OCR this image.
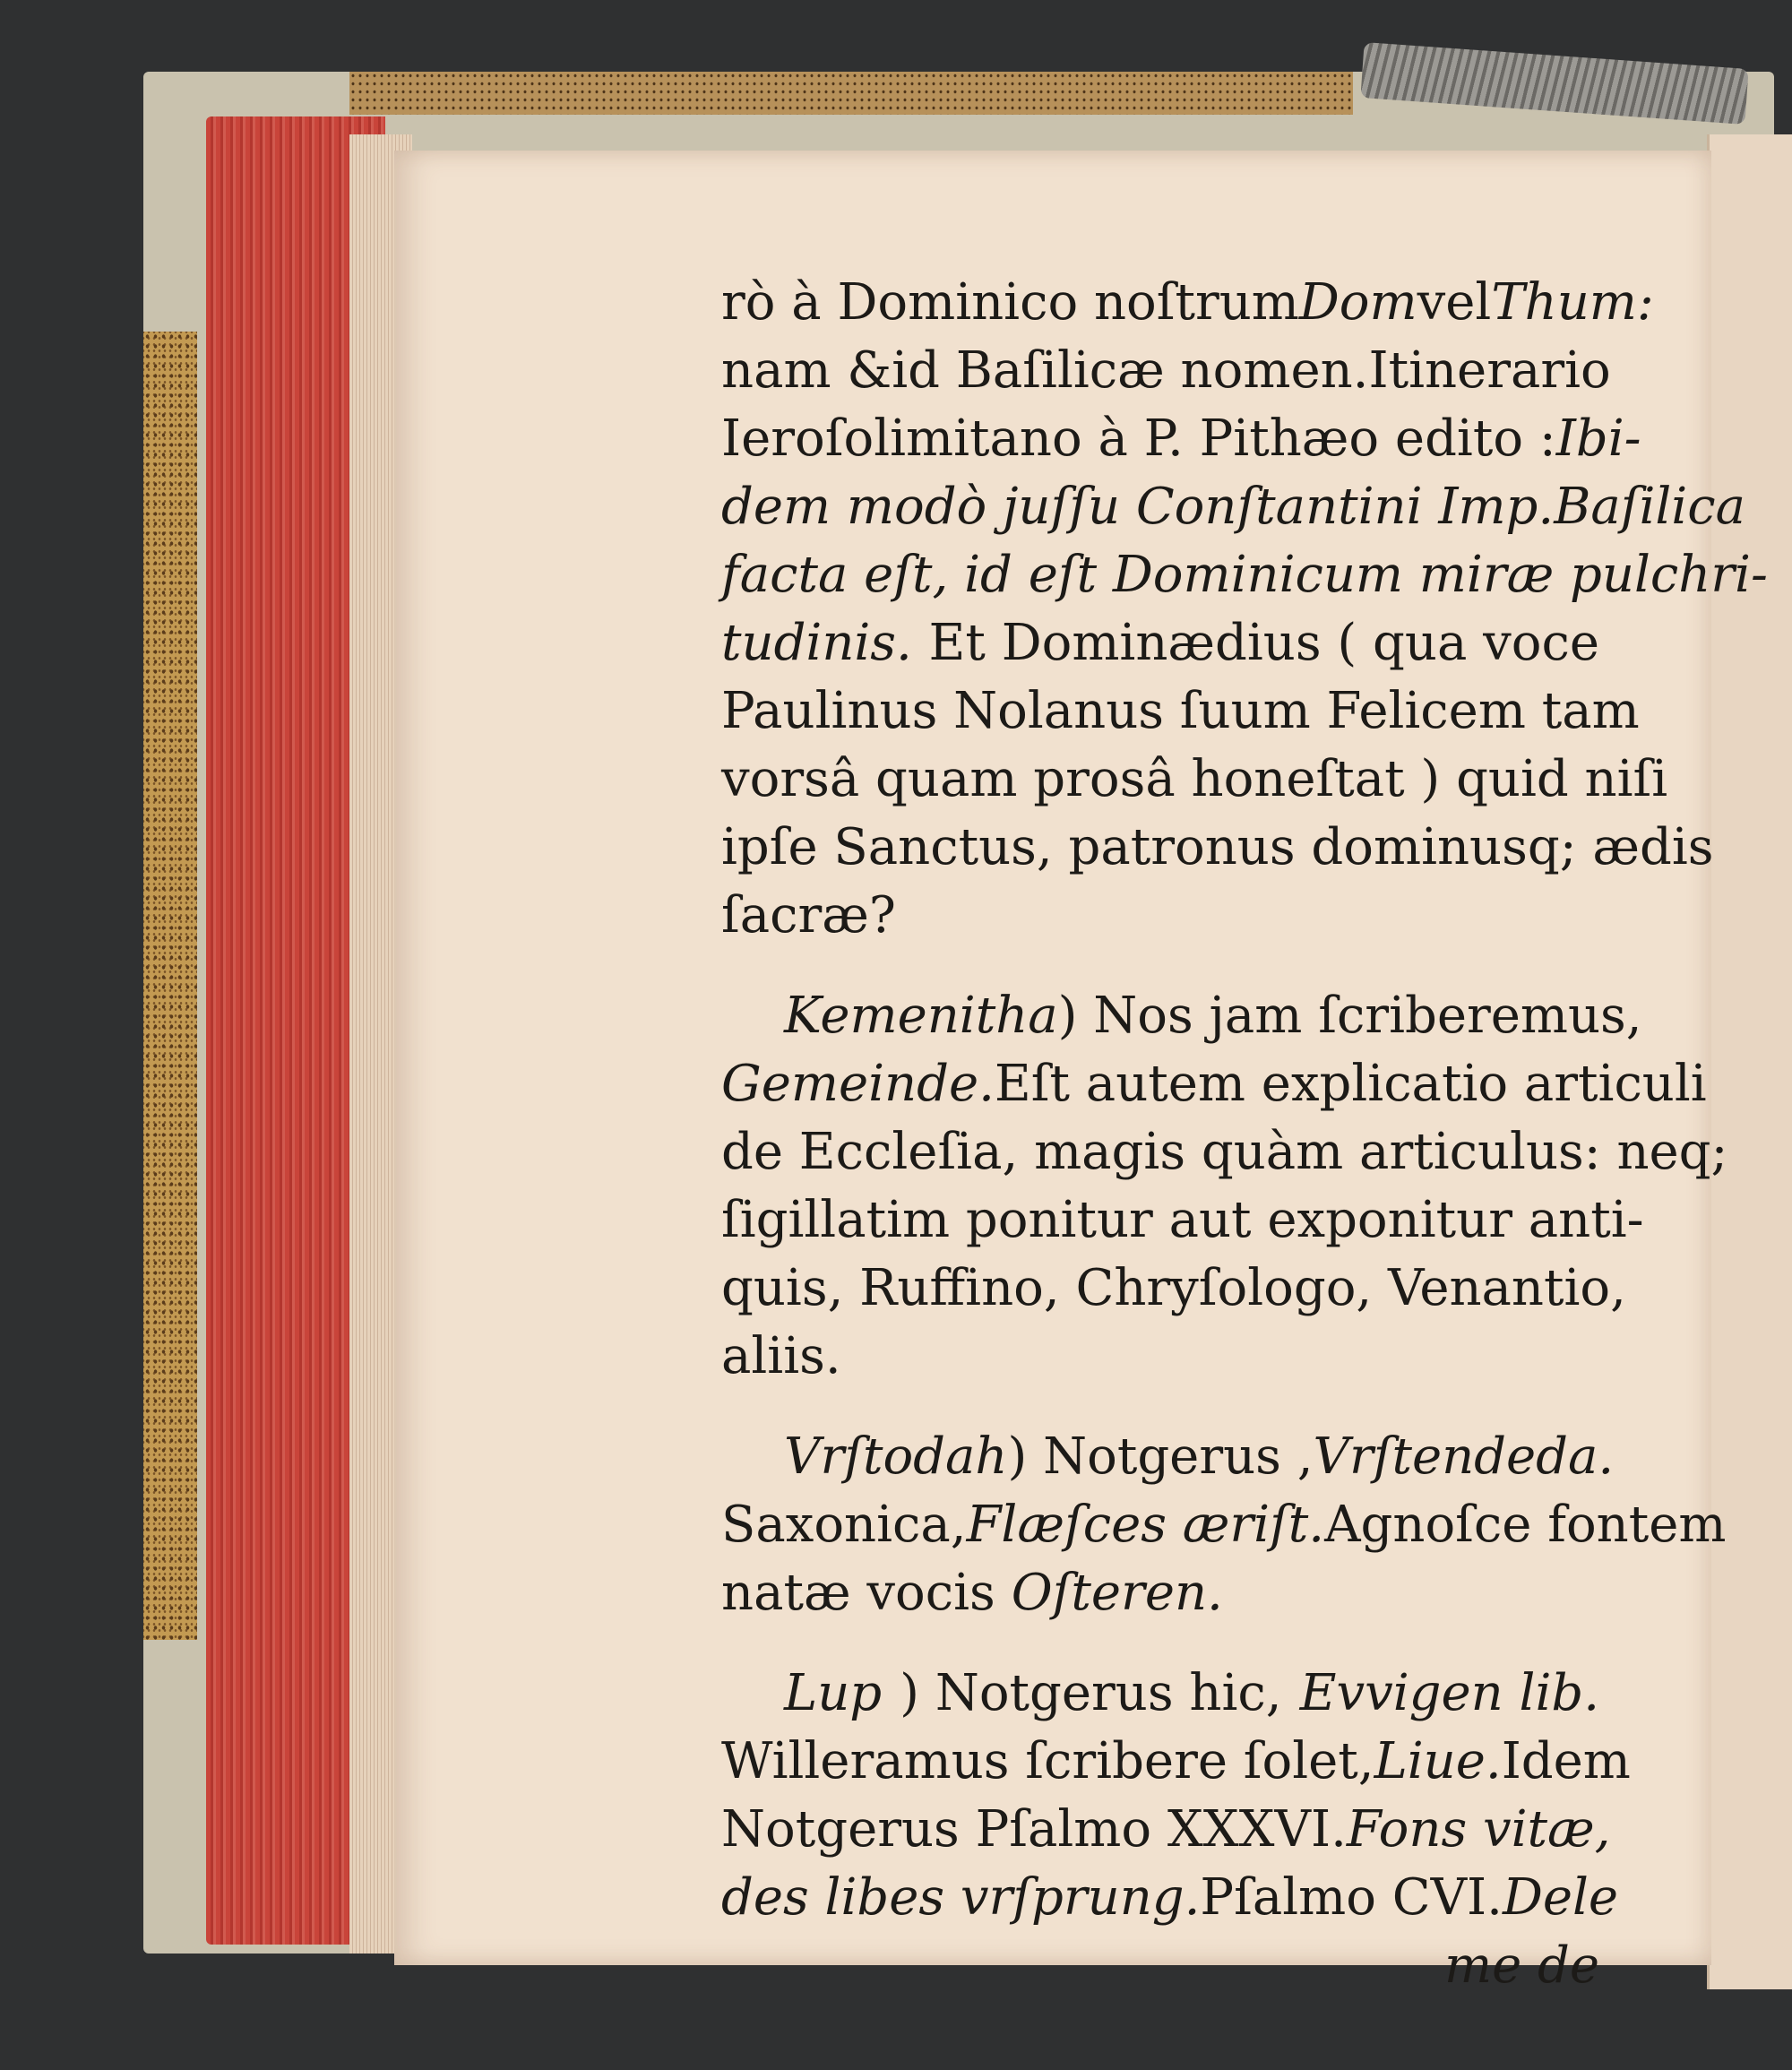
rò à Dominico noſtrum Dom vel Thum:
nam &id Baſilicæ nomen. Itinerario
Ieroſolimitano à P. Pithæo edito : Ibi-
dem modò juſſu Conſtantini Imp. Baſilica
facta eſt, id eſt Dominicum miræ pulchri-
tudinis. Et Dominædius ( qua voce
Paulinus Nolanus ſuum Felicem tam
vorsâ quam prosâ honeſtat ) quid niſi
ipſe Sanctus, patronus dominusq; ædis
ſacræ?
Kemenitha ) Nos jam ſcriberemus,
Gemeinde. Eſt autem explicatio articuli
de Eccleſia, magis quàm articulus: neq;
ſigillatim ponitur aut exponitur anti-
quis, Ruffino, Chryſologo, Venantio,
aliis.
Vrſtodah ) Notgerus , Vrſtendeda.
Saxonica, Flæſces æriſt. Agnoſce fontem
natæ vocis Oſteren.
Lup ) Notgerus hic, Evvigen lib.
Willeramus ſcribere ſolet, Liue. Idem
Notgerus Pſalmo XXXVI. Fons vitæ,
des libes vrſprung. Pſalmo CVI. Dele
me de
